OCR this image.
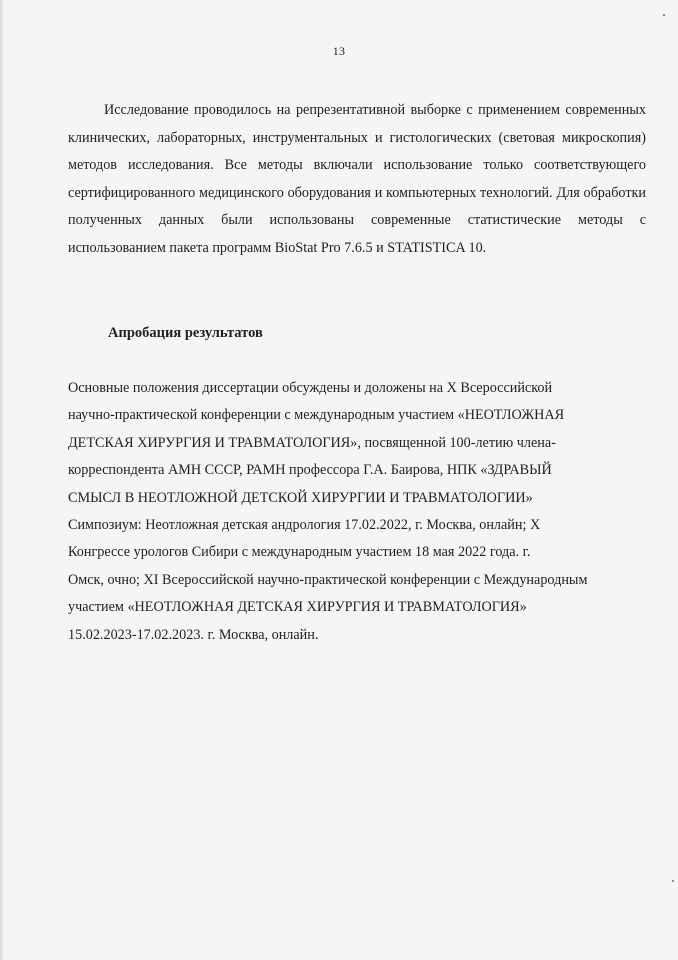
13

Исследование проводилось на репрезентативной выборке с применением современных клинических, лабораторных, инструментальных и гистологических (световая микроскопия) методов исследования. Все методы включали использование только соответствующего сертифицированного медицинского оборудования и компьютерных технологий. Для обработки полученных данных были использованы современные статистические методы с использованием пакета программ BioStat Pro 7.6.5 и STATISTICA 10.

Апробация результатов
Основные положения диссертации обсуждены и доложены на X Всероссийской
научно-практической конференции с международным участием «НЕОТЛОЖНАЯ
ДЕТСКАЯ ХИРУРГИЯ И ТРАВМАТОЛОГИЯ», посвященной 100-летию члена-
корреспондента АМН СССР, РАМН профессора Г.А. Баирова, НПК «ЗДРАВЫЙ
СМЫСЛ В НЕОТЛОЖНОЙ ДЕТСКОЙ ХИРУРГИИ И ТРАВМАТОЛОГИИ»
Симпозиум: Неотложная детская андрология 17.02.2022, г. Москва, онлайн; X
Конгрессе урологов Сибири с международным участием 18 мая 2022 года. г.
Омск, очно; XI Всероссийской научно-практической конференции с Международным
участием «НЕОТЛОЖНАЯ ДЕТСКАЯ ХИРУРГИЯ И ТРАВМАТОЛОГИЯ»
15.02.2023-17.02.2023. г. Москва, онлайн.
